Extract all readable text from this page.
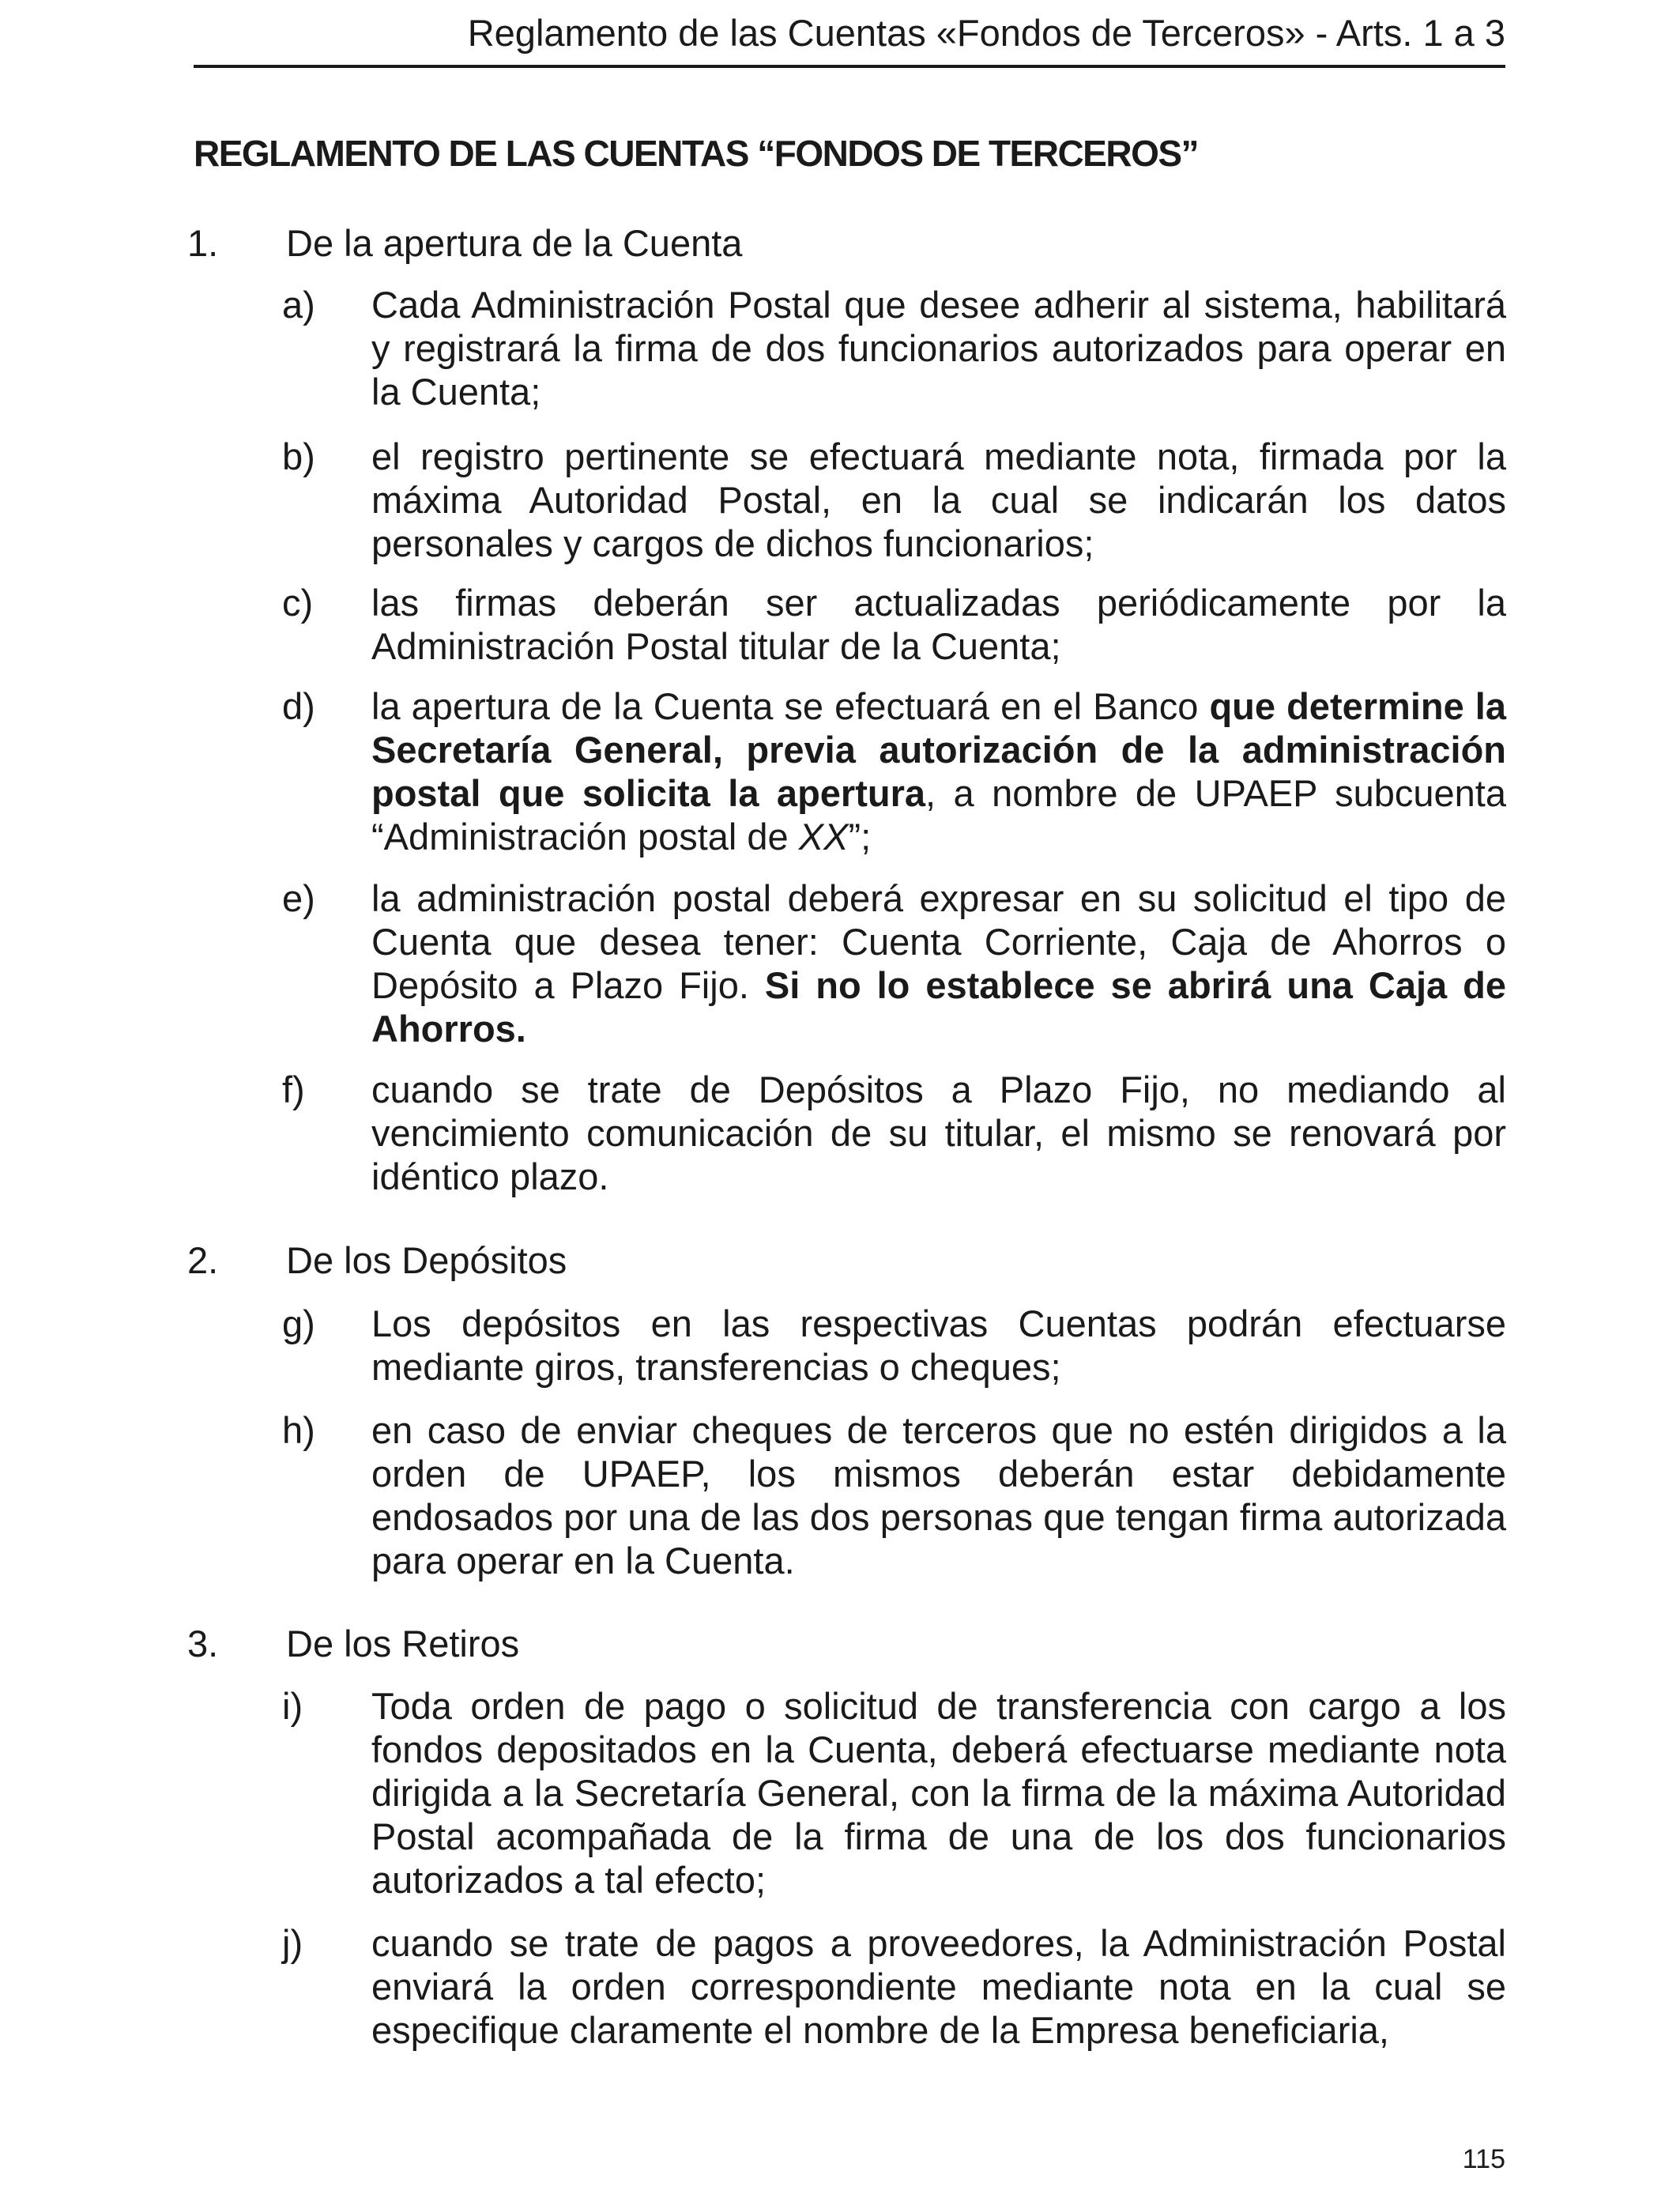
Reglamento de las Cuentas «Fondos de Terceros» - Arts. 1 a 3
REGLAMENTO DE LAS CUENTAS “FONDOS DE TERCEROS”
1. De la apertura de la Cuenta
a) Cada Administración Postal que desee adherir al sistema, habilitará y registrará la firma de dos funcionarios autorizados para operar en la Cuenta;
b) el registro pertinente se efectuará mediante nota, firmada por la máxima Autoridad Postal, en la cual se indicarán los datos personales y cargos de dichos funcionarios;
c) las firmas deberán ser actualizadas periódicamente por la Administración Postal titular de la Cuenta;
d) la apertura de la Cuenta se efectuará en el Banco que determine la Secretaría General, previa autorización de la administración postal que solicita la apertura, a nombre de UPAEP subcuenta “Administración postal de XX”;
e) la administración postal deberá expresar en su solicitud el tipo de Cuenta que desea tener: Cuenta Corriente, Caja de Ahorros o Depósito a Plazo Fijo. Si no lo establece se abrirá una Caja de Ahorros.
f) cuando se trate de Depósitos a Plazo Fijo, no mediando al vencimiento comunicación de su titular, el mismo se renovará por idéntico plazo.
2. De los Depósitos
g) Los depósitos en las respectivas Cuentas podrán efectuarse mediante giros, transferencias o cheques;
h) en caso de enviar cheques de terceros que no estén dirigidos a la orden de UPAEP, los mismos deberán estar debidamente endosados por una de las dos personas que tengan firma autorizada para operar en la Cuenta.
3. De los Retiros
i) Toda orden de pago o solicitud de transferencia con cargo a los fondos depositados en la Cuenta, deberá efectuarse mediante nota dirigida a la Secretaría General, con la firma de la máxima Autoridad Postal acompañada de la firma de una de los dos funcionarios autorizados a tal efecto;
j) cuando se trate de pagos a proveedores, la Administración Postal enviará la orden correspondiente mediante nota en la cual se especifique claramente el nombre de la Empresa beneficiaria,
115
